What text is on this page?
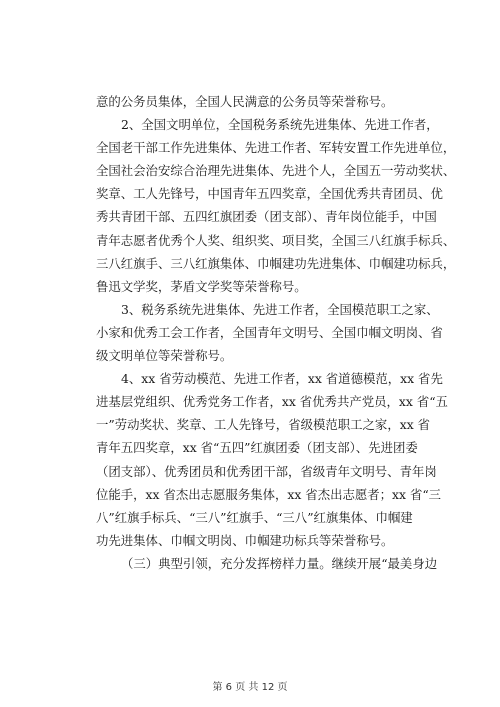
意的公务员集体，全国人民满意的公务员等荣誉称号。
2、全国文明单位，全国税务系统先进集体、先进工作者，
全国老干部工作先进集体、先进工作者、军转安置工作先进单位，
全国社会治安综合治理先进集体、先进个人，全国五一劳动奖状、
奖章、工人先锋号，中国青年五四奖章，全国优秀共青团员、优
秀共青团干部、五四红旗团委（团支部）、青年岗位能手，中国
青年志愿者优秀个人奖、组织奖、项目奖，全国三八红旗手标兵、
三八红旗手、三八红旗集体、巾帼建功先进集体、巾帼建功标兵，
鲁迅文学奖，茅盾文学奖等荣誉称号。
3、税务系统先进集体、先进工作者，全国模范职工之家、
小家和优秀工会工作者，全国青年文明号、全国巾帼文明岗、省
级文明单位等荣誉称号。
4、xx 省劳动模范、先进工作者，xx 省道德模范，xx 省先
进基层党组织、优秀党务工作者，xx 省优秀共产党员，xx 省“五
一”劳动奖状、奖章、工人先锋号，省级模范职工之家，xx 省
青年五四奖章，xx 省“五四”红旗团委（团支部）、先进团委
（团支部）、优秀团员和优秀团干部，省级青年文明号、青年岗
位能手，xx 省杰出志愿服务集体，xx 省杰出志愿者；xx 省“三
八”红旗手标兵、“三八”红旗手、“三八”红旗集体、巾帼建
功先进集体、巾帼文明岗、巾帼建功标兵等荣誉称号。
（三）典型引领，充分发挥榜样力量。继续开展“最美身边
第 6 页 共 12 页
